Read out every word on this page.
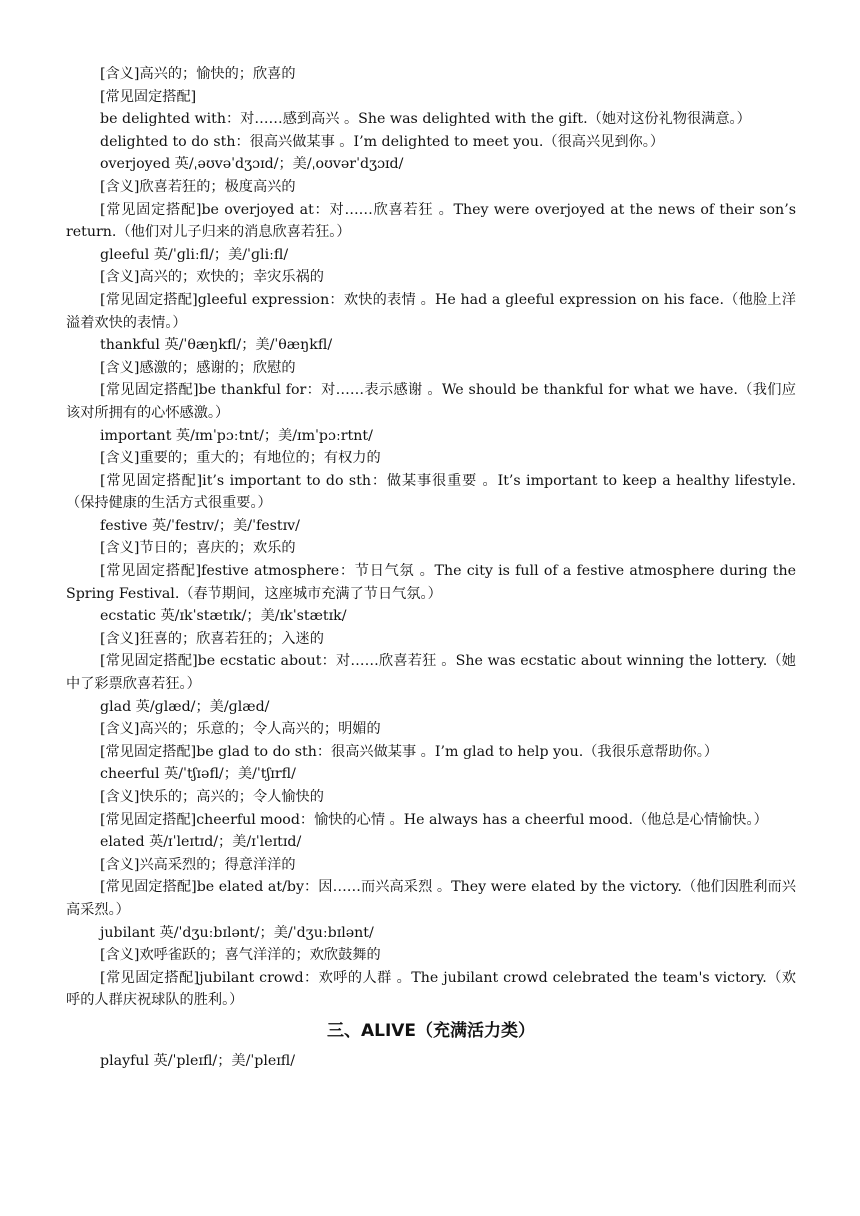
[含义]高兴的；愉快的；欣喜的

[常见固定搭配]

be delighted with：对……感到高兴 。She was delighted with the gift.（她对这份礼物很满意。）

delighted to do sth：很高兴做某事 。I’m delighted to meet you.（很高兴见到你。）

overjoyed 英/ˌəʊvəˈdʒɔɪd/；美/ˌoʊvərˈdʒɔɪd/

[含义]欣喜若狂的；极度高兴的

[常见固定搭配]be overjoyed at：对……欣喜若狂 。They were overjoyed at the news of their son’s return.（他们对儿子归来的消息欣喜若狂。）

gleeful 英/ˈɡliːfl/；美/ˈɡliːfl/

[含义]高兴的；欢快的；幸灾乐祸的

[常见固定搭配]gleeful expression：欢快的表情 。He had a gleeful expression on his face.（他脸上洋溢着欢快的表情。）

thankful 英/ˈθæŋkfl/；美/ˈθæŋkfl/

[含义]感激的；感谢的；欣慰的

[常见固定搭配]be thankful for：对……表示感谢 。We should be thankful for what we have.（我们应该对所拥有的心怀感激。）

important 英/ɪmˈpɔːtnt/；美/ɪmˈpɔːrtnt/

[含义]重要的；重大的；有地位的；有权力的

[常见固定搭配]it’s important to do sth：做某事很重要 。It’s important to keep a healthy lifestyle.（保持健康的生活方式很重要。）

festive 英/ˈfestɪv/；美/ˈfestɪv/

[含义]节日的；喜庆的；欢乐的

[常见固定搭配]festive atmosphere：节日气氛 。The city is full of a festive atmosphere during the Spring Festival.（春节期间，这座城市充满了节日气氛。）

ecstatic 英/ɪkˈstætɪk/；美/ɪkˈstætɪk/

[含义]狂喜的；欣喜若狂的；入迷的

[常见固定搭配]be ecstatic about：对……欣喜若狂 。She was ecstatic about winning the lottery.（她中了彩票欣喜若狂。）

glad 英/ɡlæd/；美/ɡlæd/

[含义]高兴的；乐意的；令人高兴的；明媚的

[常见固定搭配]be glad to do sth：很高兴做某事 。I’m glad to help you.（我很乐意帮助你。）

cheerful 英/ˈtʃɪəfl/；美/ˈtʃɪrfl/

[含义]快乐的；高兴的；令人愉快的

[常见固定搭配]cheerful mood：愉快的心情 。He always has a cheerful mood.（他总是心情愉快。）

elated 英/ɪˈleɪtɪd/；美/ɪˈleɪtɪd/

[含义]兴高采烈的；得意洋洋的

[常见固定搭配]be elated at/by：因……而兴高采烈 。They were elated by the victory.（他们因胜利而兴高采烈。）

jubilant 英/ˈdʒuːbɪlənt/；美/ˈdʒuːbɪlənt/

[含义]欢呼雀跃的；喜气洋洋的；欢欣鼓舞的

[常见固定搭配]jubilant crowd：欢呼的人群 。The jubilant crowd celebrated the team's victory.（欢呼的人群庆祝球队的胜利。）

三、ALIVE（充满活力类）

playful 英/ˈpleɪfl/；美/ˈpleɪfl/
